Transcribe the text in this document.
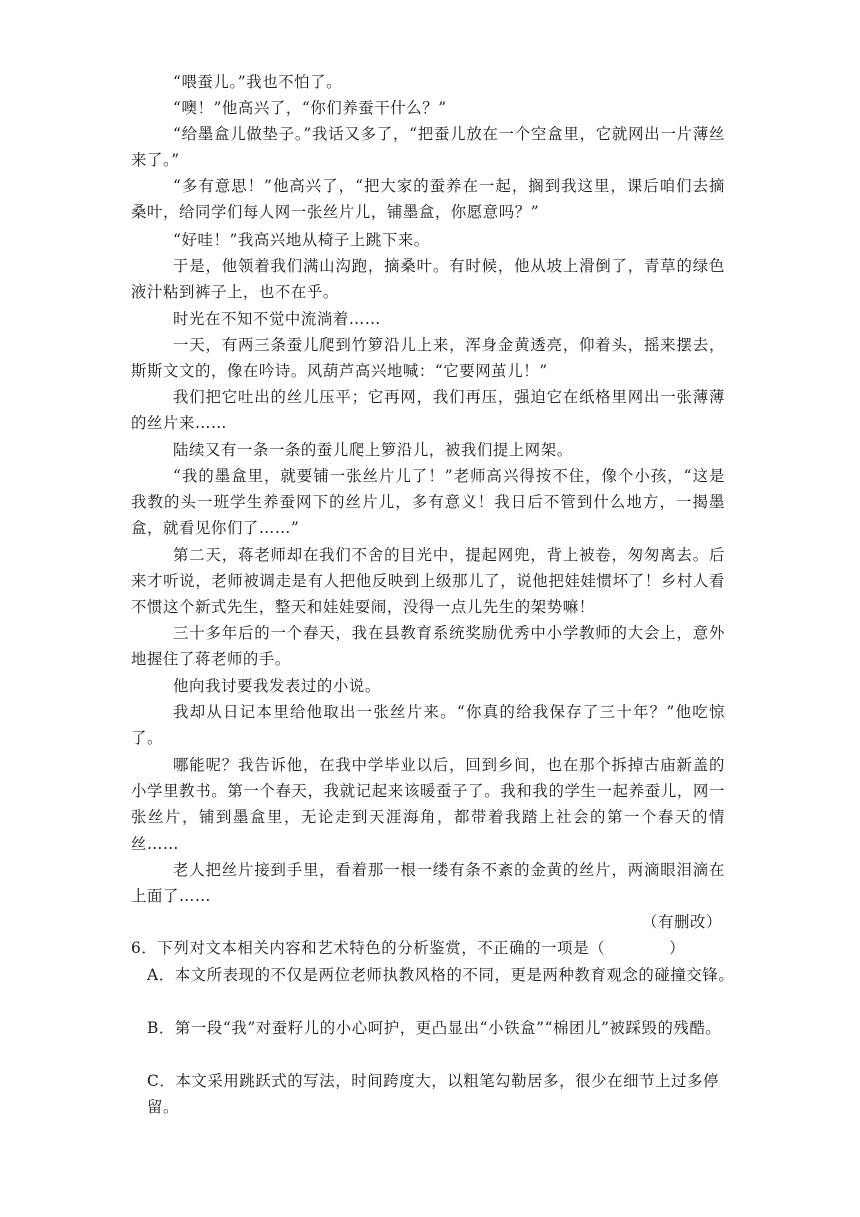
“喂蚕儿。”我也不怕了。

“噢！”他高兴了，“你们养蚕干什么？”

“给墨盒儿做垫子。”我话又多了，“把蚕儿放在一个空盒里，它就网出一片薄丝来了。”

“多有意思！”他高兴了，“把大家的蚕养在一起，搁到我这里，课后咱们去摘桑叶，给同学们每人网一张丝片儿，铺墨盒，你愿意吗？”

“好哇！”我高兴地从椅子上跳下来。

于是，他领着我们满山沟跑，摘桑叶。有时候，他从坡上滑倒了，青草的绿色液汁粘到裤子上，也不在乎。

时光在不知不觉中流淌着……

一天，有两三条蚕儿爬到竹箩沿儿上来，浑身金黄透亮，仰着头，摇来摆去，斯斯文文的，像在吟诗。风葫芦高兴地喊：“它要网茧儿！”

我们把它吐出的丝儿压平；它再网，我们再压，强迫它在纸格里网出一张薄薄的丝片来……

陆续又有一条一条的蚕儿爬上箩沿儿，被我们提上网架。

“我的墨盒里，就要铺一张丝片儿了！”老师高兴得按不住，像个小孩，“这是我教的头一班学生养蚕网下的丝片儿，多有意义！我日后不管到什么地方，一揭墨盒，就看见你们了……”

第二天，蒋老师却在我们不舍的目光中，提起网兜，背上被卷，匆匆离去。后来才听说，老师被调走是有人把他反映到上级那儿了，说他把娃娃惯坏了！乡村人看不惯这个新式先生，整天和娃娃耍闹，没得一点儿先生的架势嘛！

三十多年后的一个春天，我在县教育系统奖励优秀中小学教师的大会上，意外地握住了蒋老师的手。

他向我讨要我发表过的小说。

我却从日记本里给他取出一张丝片来。“你真的给我保存了三十年？”他吃惊了。

哪能呢？我告诉他，在我中学毕业以后，回到乡间，也在那个拆掉古庙新盖的小学里教书。第一个春天，我就记起来该暖蚕子了。我和我的学生一起养蚕儿，网一张丝片，铺到墨盒里，无论走到天涯海角，都带着我踏上社会的第一个春天的情丝……

老人把丝片接到手里，看着那一根一缕有条不紊的金黄的丝片，两滴眼泪滴在上面了……

（有删改）

6．下列对文本相关内容和艺术特色的分析鉴赏，不正确的一项是（　　　　）

A．本文所表现的不仅是两位老师执教风格的不同，更是两种教育观念的碰撞交锋。

B．第一段“我”对蚕籽儿的小心呵护，更凸显出“小铁盒”“棉团儿”被踩毁的残酷。

C．本文采用跳跃式的写法，时间跨度大，以粗笔勾勒居多，很少在细节上过多停留。
